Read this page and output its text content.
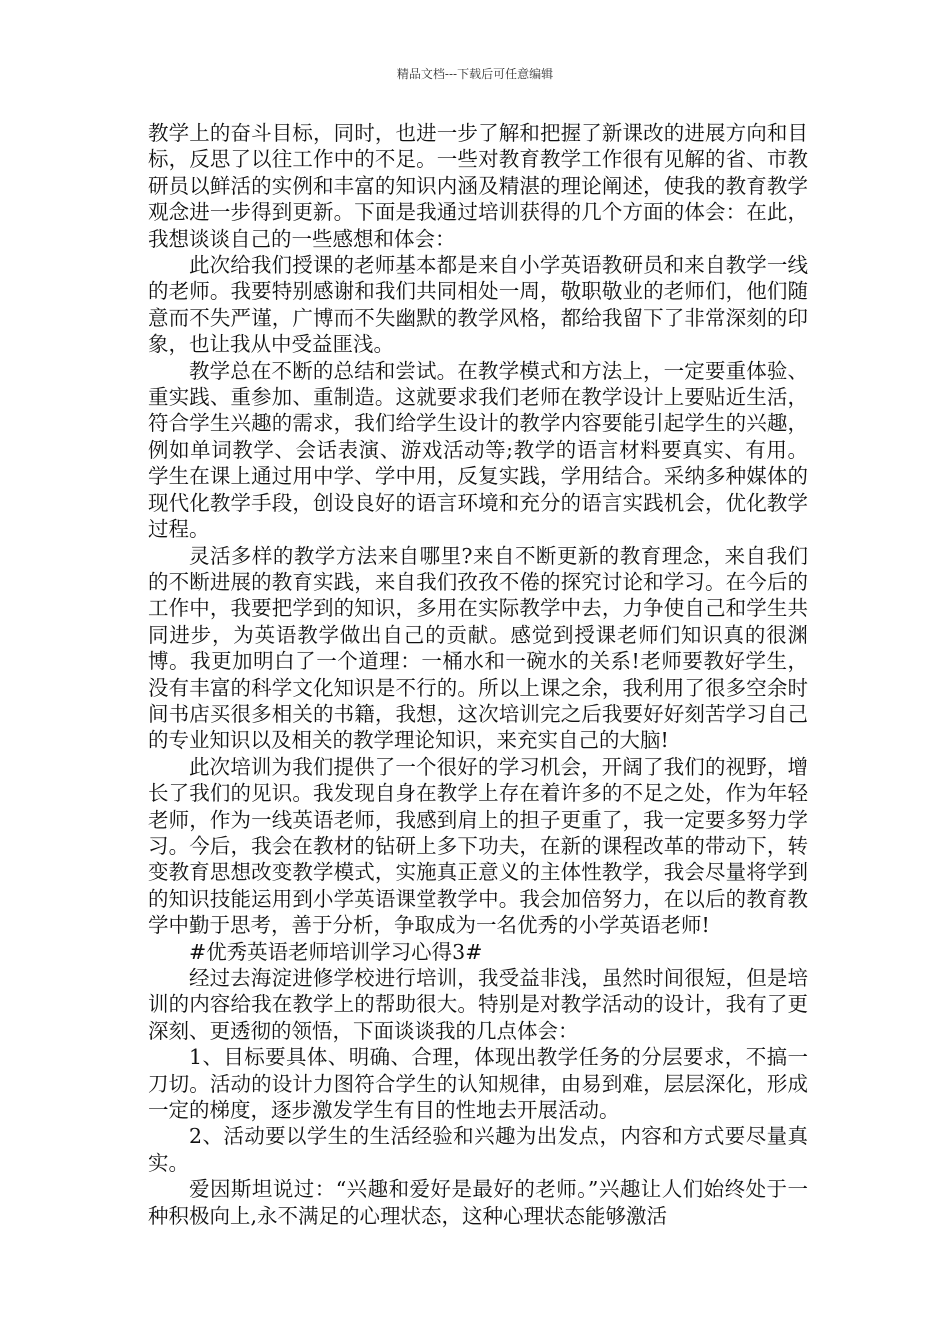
精品文档---下载后可任意编辑

教学上的奋斗目标，同时，也进一步了解和把握了新课改的进展方向和目标，反思了以往工作中的不足。一些对教育教学工作很有见解的省、市教研员以鲜活的实例和丰富的知识内涵及精湛的理论阐述，使我的教育教学观念进一步得到更新。下面是我通过培训获得的几个方面的体会：在此，我想谈谈自己的一些感想和体会：

此次给我们授课的老师基本都是来自小学英语教研员和来自教学一线的老师。我要特别感谢和我们共同相处一周，敬职敬业的老师们，他们随意而不失严谨，广博而不失幽默的教学风格，都给我留下了非常深刻的印象，也让我从中受益匪浅。

教学总在不断的总结和尝试。在教学模式和方法上，一定要重体验、重实践、重参加、重制造。这就要求我们老师在教学设计上要贴近生活，符合学生兴趣的需求，我们给学生设计的教学内容要能引起学生的兴趣，例如单词教学、会话表演、游戏活动等;教学的语言材料要真实、有用。学生在课上通过用中学、学中用，反复实践，学用结合。采纳多种媒体的现代化教学手段，创设良好的语言环境和充分的语言实践机会，优化教学过程。

灵活多样的教学方法来自哪里?来自不断更新的教育理念，来自我们的不断进展的教育实践，来自我们孜孜不倦的探究讨论和学习。在今后的工作中，我要把学到的知识，多用在实际教学中去，力争使自己和学生共同进步，为英语教学做出自己的贡献。感觉到授课老师们知识真的很渊博。我更加明白了一个道理：一桶水和一碗水的关系!老师要教好学生，没有丰富的科学文化知识是不行的。所以上课之余，我利用了很多空余时间书店买很多相关的书籍，我想，这次培训完之后我要好好刻苦学习自己的专业知识以及相关的教学理论知识，来充实自己的大脑!

此次培训为我们提供了一个很好的学习机会，开阔了我们的视野，增长了我们的见识。我发现自身在教学上存在着许多的不足之处，作为年轻老师，作为一线英语老师，我感到肩上的担子更重了，我一定要多努力学习。今后，我会在教材的钻研上多下功夫，在新的课程改革的带动下，转变教育思想改变教学模式，实施真正意义的主体性教学，我会尽量将学到的知识技能运用到小学英语课堂教学中。我会加倍努力，在以后的教育教学中勤于思考，善于分析，争取成为一名优秀的小学英语老师!

#优秀英语老师培训学习心得3#

经过去海淀进修学校进行培训，我受益非浅，虽然时间很短，但是培训的内容给我在教学上的帮助很大。特别是对教学活动的设计，我有了更深刻、更透彻的领悟，下面谈谈我的几点体会：

1、目标要具体、明确、合理，体现出教学任务的分层要求，不搞一刀切。活动的设计力图符合学生的认知规律，由易到难，层层深化，形成一定的梯度，逐步激发学生有目的性地去开展活动。

2、活动要以学生的生活经验和兴趣为出发点，内容和方式要尽量真实。

爱因斯坦说过：“兴趣和爱好是最好的老师。”兴趣让人们始终处于一种积极向上,永不满足的心理状态，这种心理状态能够激活
